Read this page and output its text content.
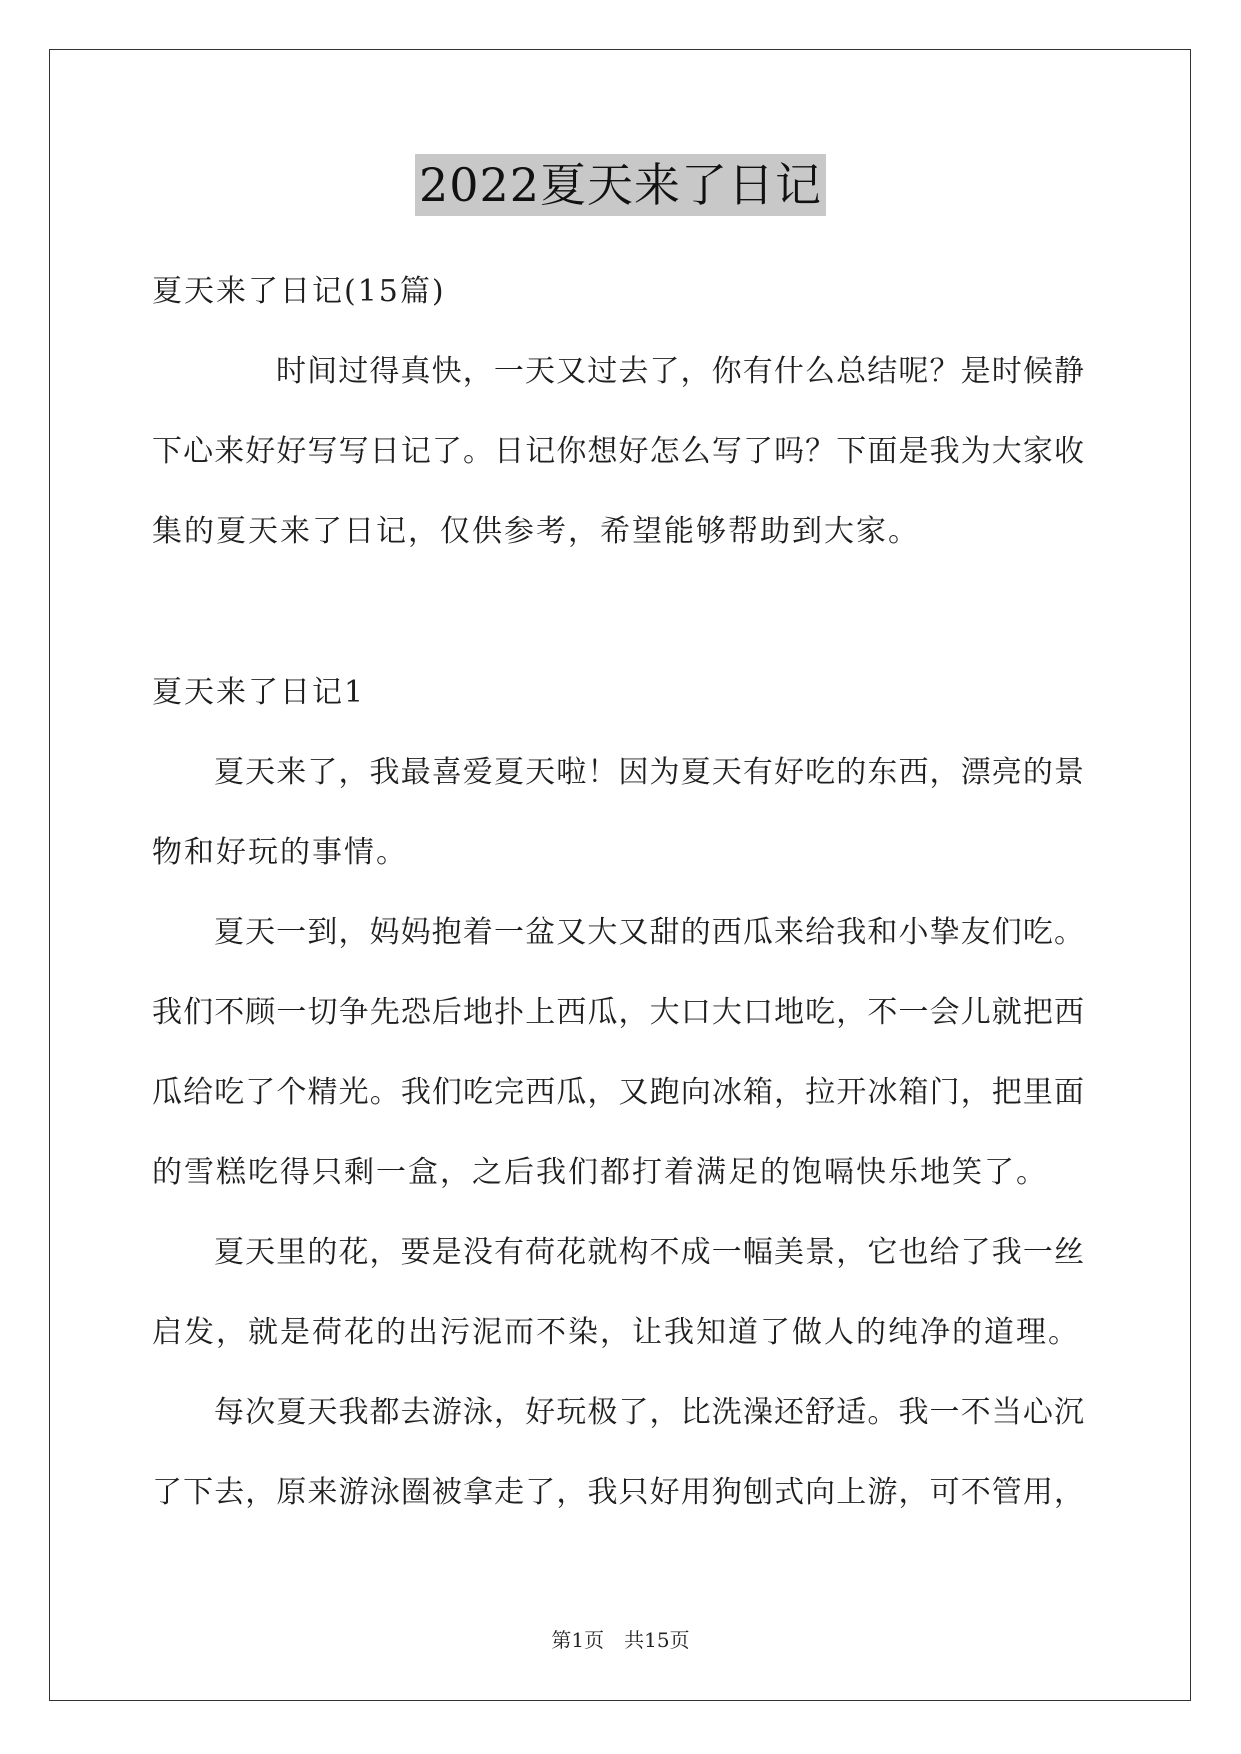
2022夏天来了日记
夏天来了日记(15篇)
时间过得真快，一天又过去了，你有什么总结呢？是时候静
下心来好好写写日记了。日记你想好怎么写了吗？下面是我为大家收
集的夏天来了日记，仅供参考，希望能够帮助到大家。
夏天来了日记1
夏天来了，我最喜爱夏天啦！因为夏天有好吃的东西，漂亮的景
物和好玩的事情。
夏天一到，妈妈抱着一盆又大又甜的西瓜来给我和小挚友们吃。
我们不顾一切争先恐后地扑上西瓜，大口大口地吃，不一会儿就把西
瓜给吃了个精光。我们吃完西瓜，又跑向冰箱，拉开冰箱门，把里面
的雪糕吃得只剩一盒，之后我们都打着满足的饱嗝快乐地笑了。
夏天里的花，要是没有荷花就构不成一幅美景，它也给了我一丝
启发，就是荷花的出污泥而不染，让我知道了做人的纯净的道理。
每次夏天我都去游泳，好玩极了，比洗澡还舒适。我一不当心沉
了下去，原来游泳圈被拿走了，我只好用狗刨式向上游，可不管用，
第1页　共15页
